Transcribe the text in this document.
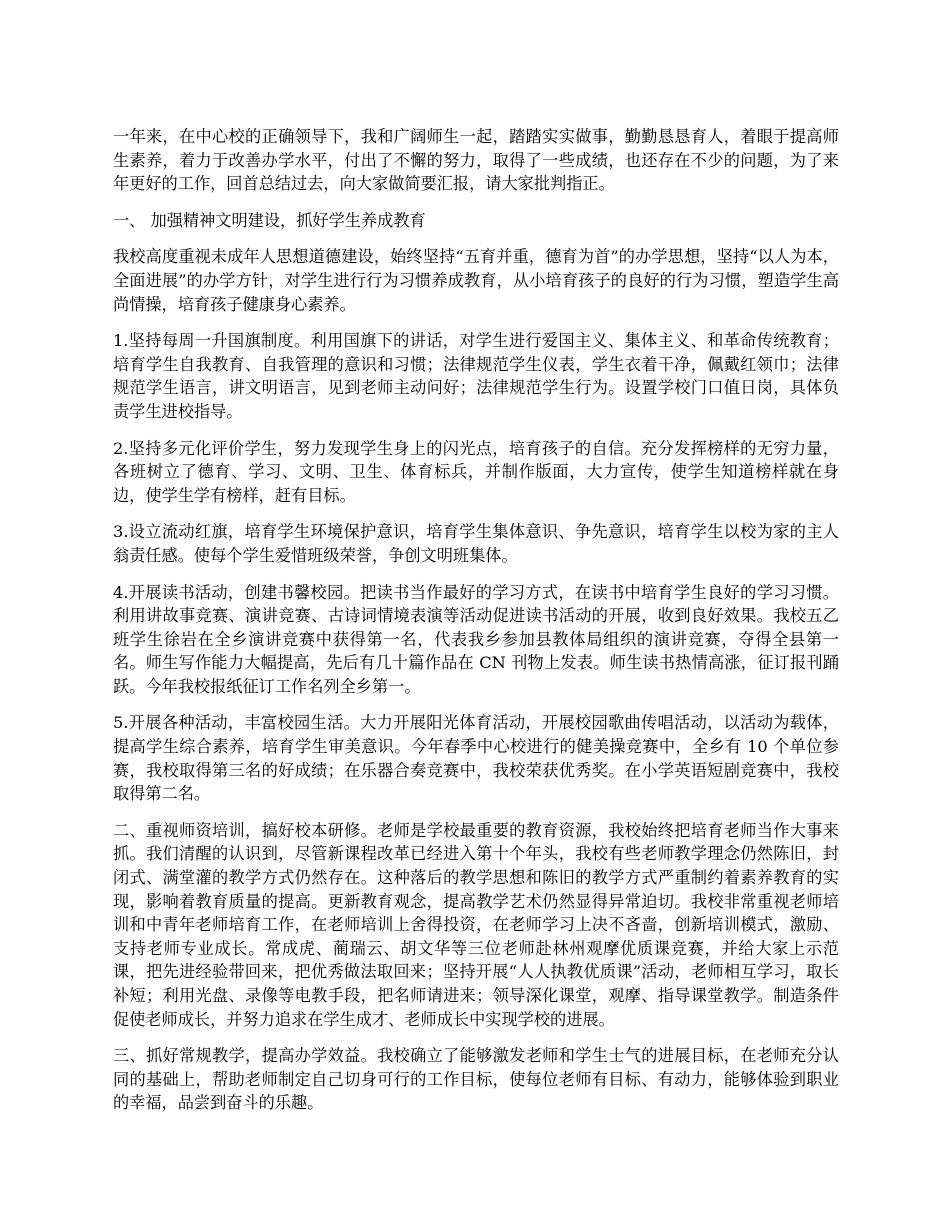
一年来，在中心校的正确领导下，我和广阔师生一起，踏踏实实做事，勤勤恳恳育人，着眼于提高师生素养，着力于改善办学水平，付出了不懈的努力，取得了一些成绩，也还存在不少的问题，为了来年更好的工作，回首总结过去，向大家做简要汇报，请大家批判指正。

一、 加强精神文明建设，抓好学生养成教育

我校高度重视未成年人思想道德建设，始终坚持“五育并重，德育为首”的办学思想，坚持“以人为本，全面进展”的办学方针，对学生进行行为习惯养成教育，从小培育孩子的良好的行为习惯，塑造学生高尚情操，培育孩子健康身心素养。

1.坚持每周一升国旗制度。利用国旗下的讲话，对学生进行爱国主义、集体主义、和革命传统教育；培育学生自我教育、自我管理的意识和习惯；法律规范学生仪表，学生衣着干净，佩戴红领巾；法律规范学生语言，讲文明语言，见到老师主动问好；法律规范学生行为。设置学校门口值日岗，具体负责学生进校指导。

2.坚持多元化评价学生，努力发现学生身上的闪光点，培育孩子的自信。充分发挥榜样的无穷力量，各班树立了德育、学习、文明、卫生、体育标兵，并制作版面，大力宣传，使学生知道榜样就在身边，使学生学有榜样，赶有目标。

3.设立流动红旗，培育学生环境保护意识，培育学生集体意识、争先意识，培育学生以校为家的主人翁责任感。使每个学生爱惜班级荣誉，争创文明班集体。

4.开展读书活动，创建书馨校园。把读书当作最好的学习方式，在读书中培育学生良好的学习习惯。利用讲故事竞赛、演讲竞赛、古诗词情境表演等活动促进读书活动的开展，收到良好效果。我校五乙班学生徐岩在全乡演讲竞赛中获得第一名，代表我乡参加县教体局组织的演讲竞赛，夺得全县第一名。师生写作能力大幅提高，先后有几十篇作品在 CN 刊物上发表。师生读书热情高涨，征订报刊踊跃。今年我校报纸征订工作名列全乡第一。

5.开展各种活动，丰富校园生活。大力开展阳光体育活动，开展校园歌曲传唱活动，以活动为载体，提高学生综合素养，培育学生审美意识。今年春季中心校进行的健美操竞赛中，全乡有 10 个单位参赛，我校取得第三名的好成绩；在乐器合奏竞赛中，我校荣获优秀奖。在小学英语短剧竞赛中，我校取得第二名。

二、重视师资培训，搞好校本研修。老师是学校最重要的教育资源，我校始终把培育老师当作大事来抓。我们清醒的认识到，尽管新课程改革已经进入第十个年头，我校有些老师教学理念仍然陈旧，封闭式、满堂灌的教学方式仍然存在。这种落后的教学思想和陈旧的教学方式严重制约着素养教育的实现，影响着教育质量的提高。更新教育观念，提高教学艺术仍然显得异常迫切。我校非常重视老师培训和中青年老师培育工作，在老师培训上舍得投资，在老师学习上决不吝啬，创新培训模式，激励、支持老师专业成长。常成虎、蔺瑞云、胡文华等三位老师赴林州观摩优质课竞赛，并给大家上示范课，把先进经验带回来，把优秀做法取回来；坚持开展“人人执教优质课”活动，老师相互学习，取长补短；利用光盘、录像等电教手段，把名师请进来；领导深化课堂，观摩、指导课堂教学。制造条件促使老师成长，并努力追求在学生成才、老师成长中实现学校的进展。

三、抓好常规教学，提高办学效益。我校确立了能够激发老师和学生士气的进展目标，在老师充分认同的基础上，帮助老师制定自己切身可行的工作目标，使每位老师有目标、有动力，能够体验到职业的幸福，品尝到奋斗的乐趣。
